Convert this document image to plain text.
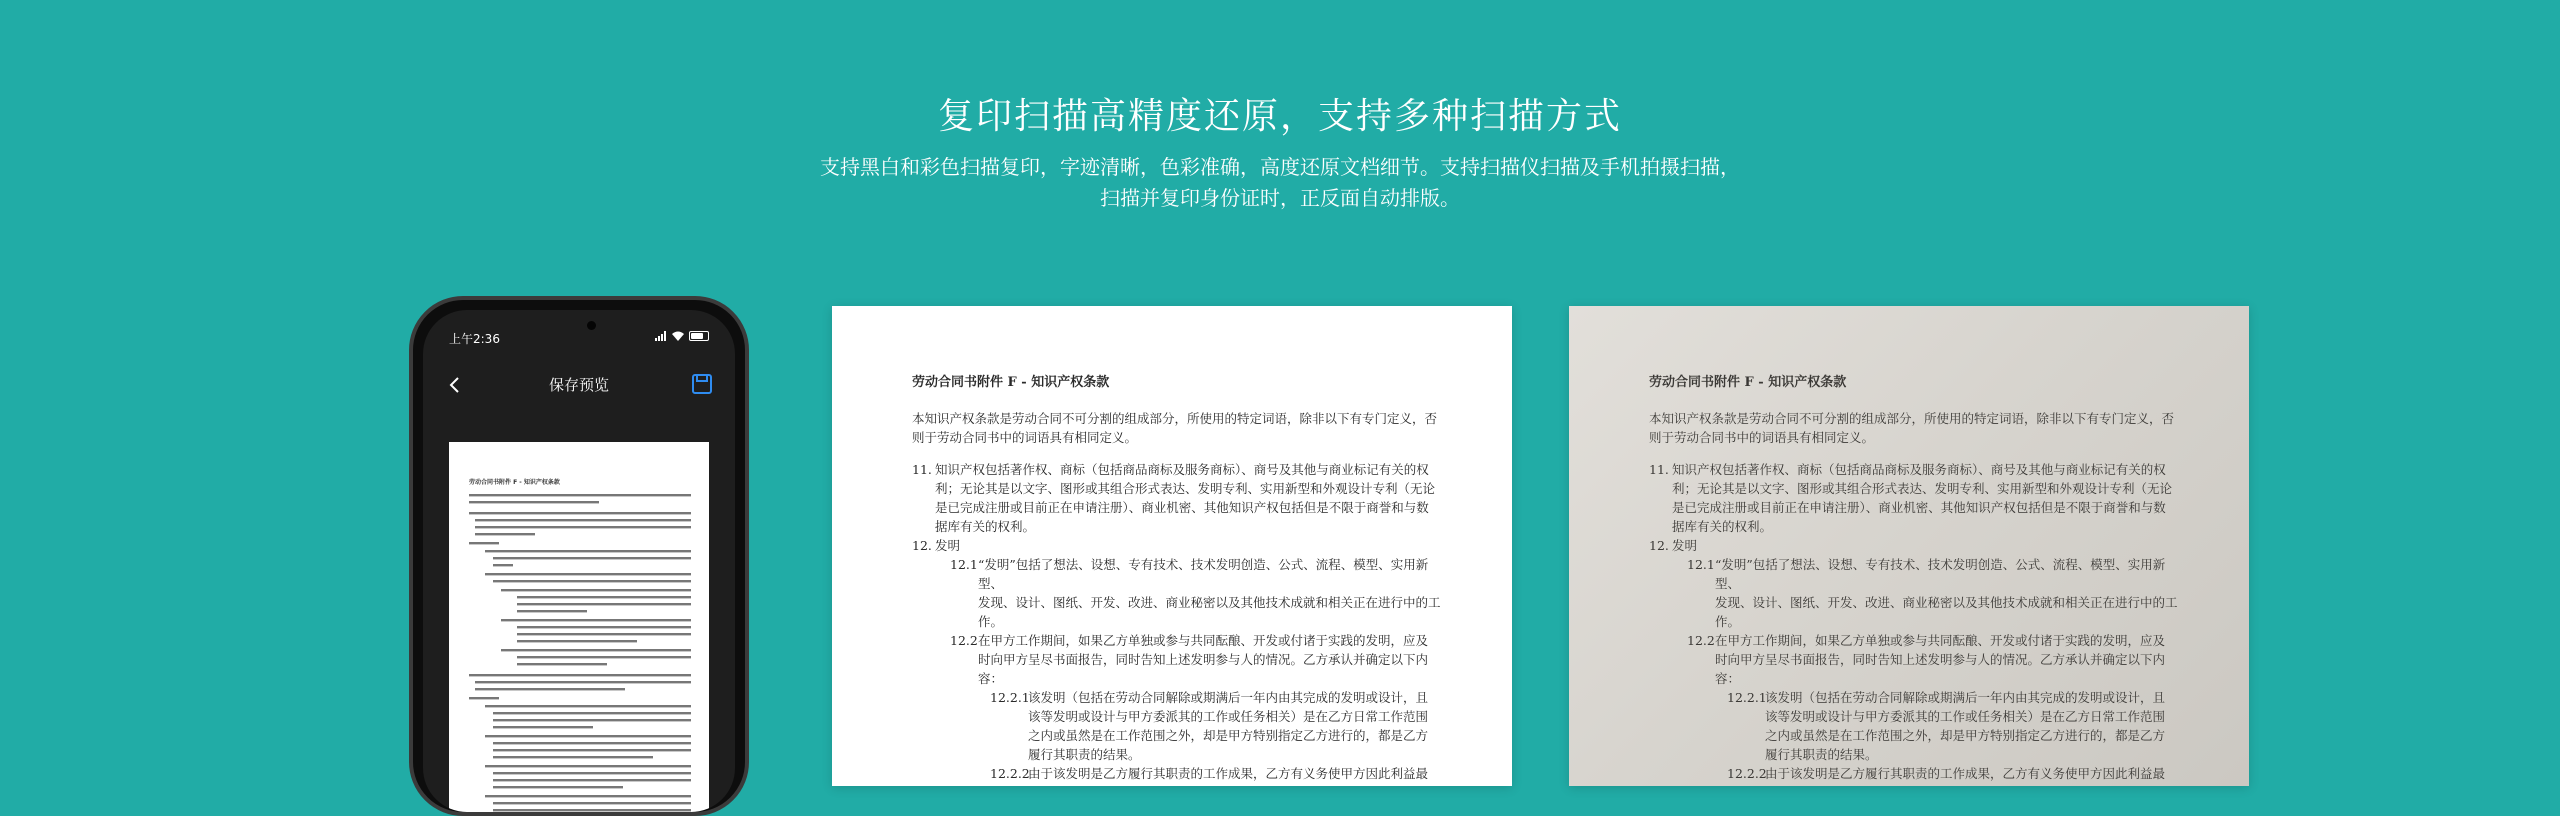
复印扫描高精度还原，支持多种扫描方式
支持黑白和彩色扫描复印，字迹清晰，色彩准确，高度还原文档细节。支持扫描仪扫描及手机拍摄扫描，
扫描并复印身份证时，正反面自动排版。
上午2:36
保存预览
劳动合同书附件 F - 知识产权条款
劳动合同书附件 F - 知识产权条款

本知识产权条款是劳动合同不可分割的组成部分，所使用的特定词语，除非以下有专门定义，否

则于劳动合同书中的词语具有相同定义。

11. 知识产权包括著作权、商标（包括商品商标及服务商标）、商号及其他与商业标记有关的权

利；无论其是以文字、图形或其组合形式表达、发明专利、实用新型和外观设计专利（无论

是已完成注册或目前正在申请注册）、商业机密、其他知识产权包括但是不限于商誉和与数

据库有关的权利。

12. 发明

12.1 “发明”包括了想法、设想、专有技术、技术发明创造、公式、流程、模型、实用新型、

发现、设计、图纸、开发、改进、商业秘密以及其他技术成就和相关正在进行中的工

作。

12.2 在甲方工作期间，如果乙方单独或参与共同酝酿、开发或付诸于实践的发明，应及

时向甲方呈尽书面报告，同时告知上述发明参与人的情况。乙方承认并确定以下内容：

12.2.1

该发明（包括在劳动合同解除或期满后一年内由其完成的发明或设计，且

该等发明或设计与甲方委派其的工作或任务相关）是在乙方日常工作范围

之内或虽然是在工作范围之外，却是甲方特别指定乙方进行的，都是乙方

履行其职责的结果。

12.2.2

由于该发明是乙方履行其职责的工作成果，乙方有义务使甲方因此利益最

劳动合同书附件 F - 知识产权条款

本知识产权条款是劳动合同不可分割的组成部分，所使用的特定词语，除非以下有专门定义，否

则于劳动合同书中的词语具有相同定义。

11. 知识产权包括著作权、商标（包括商品商标及服务商标）、商号及其他与商业标记有关的权

利；无论其是以文字、图形或其组合形式表达、发明专利、实用新型和外观设计专利（无论

是已完成注册或目前正在申请注册）、商业机密、其他知识产权包括但是不限于商誉和与数

据库有关的权利。

12. 发明

12.1 “发明”包括了想法、设想、专有技术、技术发明创造、公式、流程、模型、实用新型、

发现、设计、图纸、开发、改进、商业秘密以及其他技术成就和相关正在进行中的工

作。

12.2 在甲方工作期间，如果乙方单独或参与共同酝酿、开发或付诸于实践的发明，应及

时向甲方呈尽书面报告，同时告知上述发明参与人的情况。乙方承认并确定以下内容：

12.2.1

该发明（包括在劳动合同解除或期满后一年内由其完成的发明或设计，且

该等发明或设计与甲方委派其的工作或任务相关）是在乙方日常工作范围

之内或虽然是在工作范围之外，却是甲方特别指定乙方进行的，都是乙方

履行其职责的结果。

12.2.2

由于该发明是乙方履行其职责的工作成果，乙方有义务使甲方因此利益最
